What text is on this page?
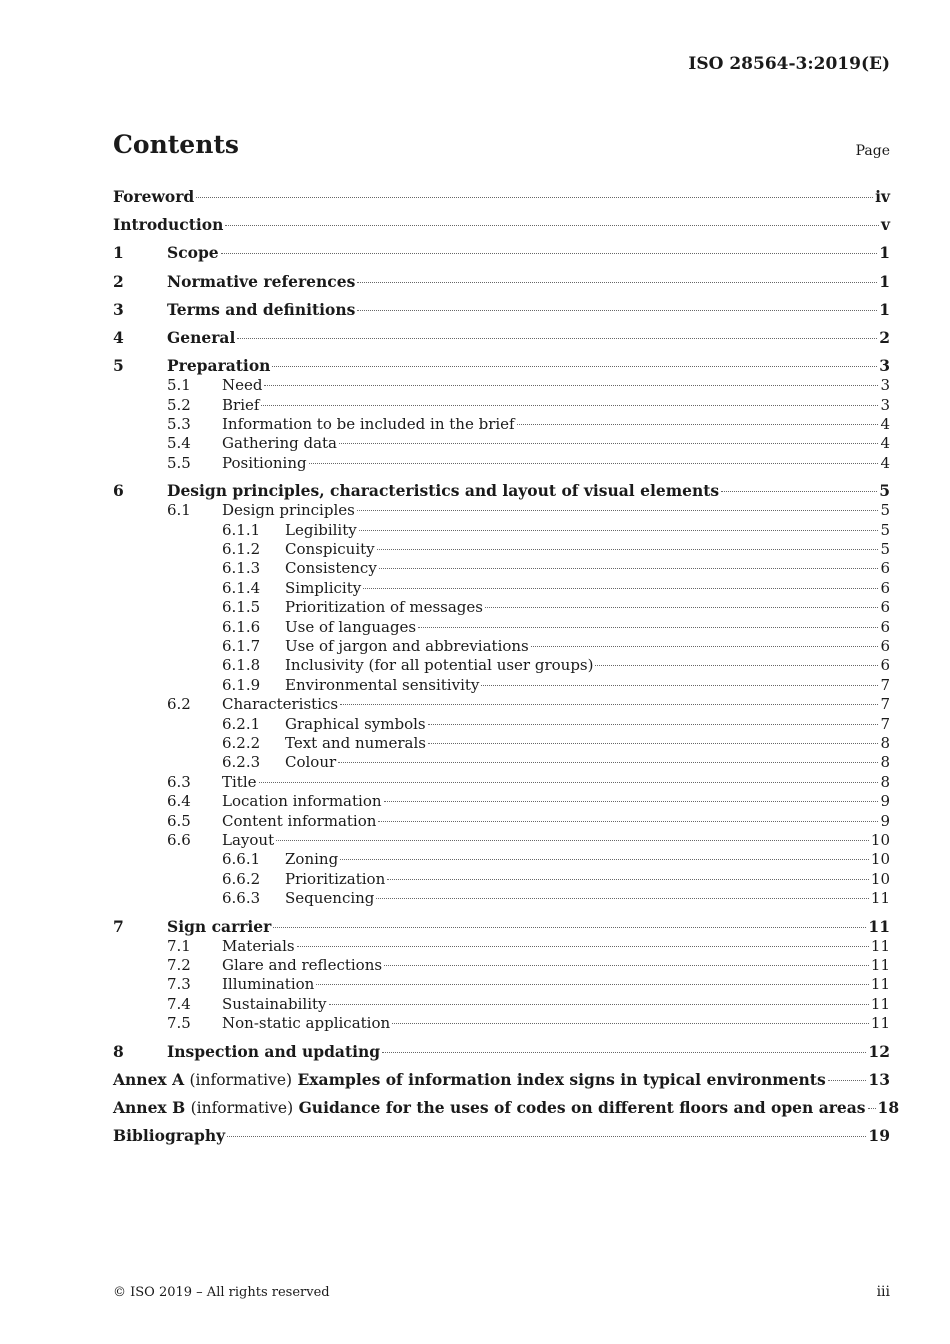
ISO 28564-3:2019(E)
Contents	Page
Foreword	iv
Introduction	v
1	Scope	1
2	Normative references	1
3	Terms and definitions	1
4	General	2
5	Preparation	3
5.1	Need	3
5.2	Brief	3
5.3	Information to be included in the brief	4
5.4	Gathering data	4
5.5	Positioning	4
6	Design principles, characteristics and layout of visual elements	5
6.1	Design principles	5
6.1.1	Legibility	5
6.1.2	Conspicuity	5
6.1.3	Consistency	6
6.1.4	Simplicity	6
6.1.5	Prioritization of messages	6
6.1.6	Use of languages	6
6.1.7	Use of jargon and abbreviations	6
6.1.8	Inclusivity (for all potential user groups)	6
6.1.9	Environmental sensitivity	7
6.2	Characteristics	7
6.2.1	Graphical symbols	7
6.2.2	Text and numerals	8
6.2.3	Colour	8
6.3	Title	8
6.4	Location information	9
6.5	Content information	9
6.6	Layout	10
6.6.1	Zoning	10
6.6.2	Prioritization	10
6.6.3	Sequencing	11
7	Sign carrier	11
7.1	Materials	11
7.2	Glare and reflections	11
7.3	Illumination	11
7.4	Sustainability	11
7.5	Non-static application	11
8	Inspection and updating	12
Annex A (informative) Examples of information index signs in typical environments	13
Annex B (informative) Guidance for the uses of codes on different floors and open areas 18
Bibliography	19
© ISO 2019 – All rights reserved	iii
